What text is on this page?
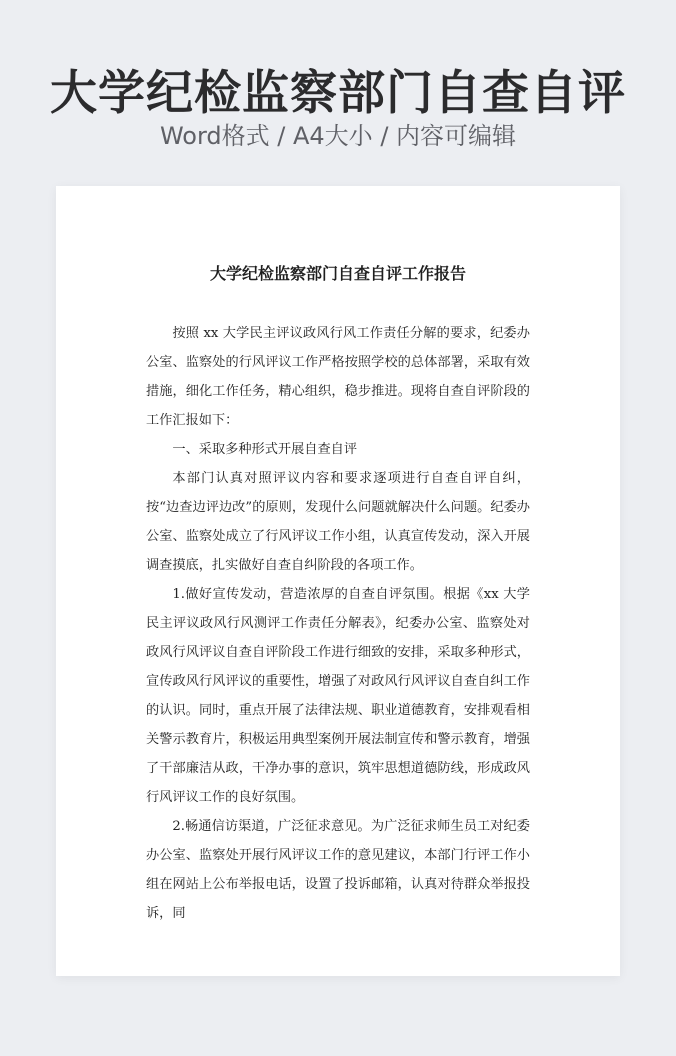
大学纪检监察部门自查自评
Word格式 / A4大小 / 内容可编辑
大学纪检监察部门自查自评工作报告

按照 xx 大学民主评议政风行风工作责任分解的要求，纪委办公室、监察处的行风评议工作严格按照学校的总体部署，采取有效措施，细化工作任务，精心组织，稳步推进。现将自查自评阶段的工作汇报如下：

一、采取多种形式开展自查自评

本部门认真对照评议内容和要求逐项进行自查自评自纠，按“边查边评边改”的原则，发现什么问题就解决什么问题。纪委办公室、监察处成立了行风评议工作小组，认真宣传发动，深入开展调查摸底，扎实做好自查自纠阶段的各项工作。

1.做好宣传发动，营造浓厚的自查自评氛围。根据《xx 大学民主评议政风行风测评工作责任分解表》，纪委办公室、监察处对政风行风评议自查自评阶段工作进行细致的安排，采取多种形式，宣传政风行风评议的重要性，增强了对政风行风评议自查自纠工作的认识。同时，重点开展了法律法规、职业道德教育，安排观看相关警示教育片，积极运用典型案例开展法制宣传和警示教育，增强了干部廉洁从政，干净办事的意识，筑牢思想道德防线，形成政风行风评议工作的良好氛围。

2.畅通信访渠道，广泛征求意见。为广泛征求师生员工对纪委办公室、监察处开展行风评议工作的意见建议，本部门行评工作小组在网站上公布举报电话，设置了投诉邮箱，认真对待群众举报投诉，同
